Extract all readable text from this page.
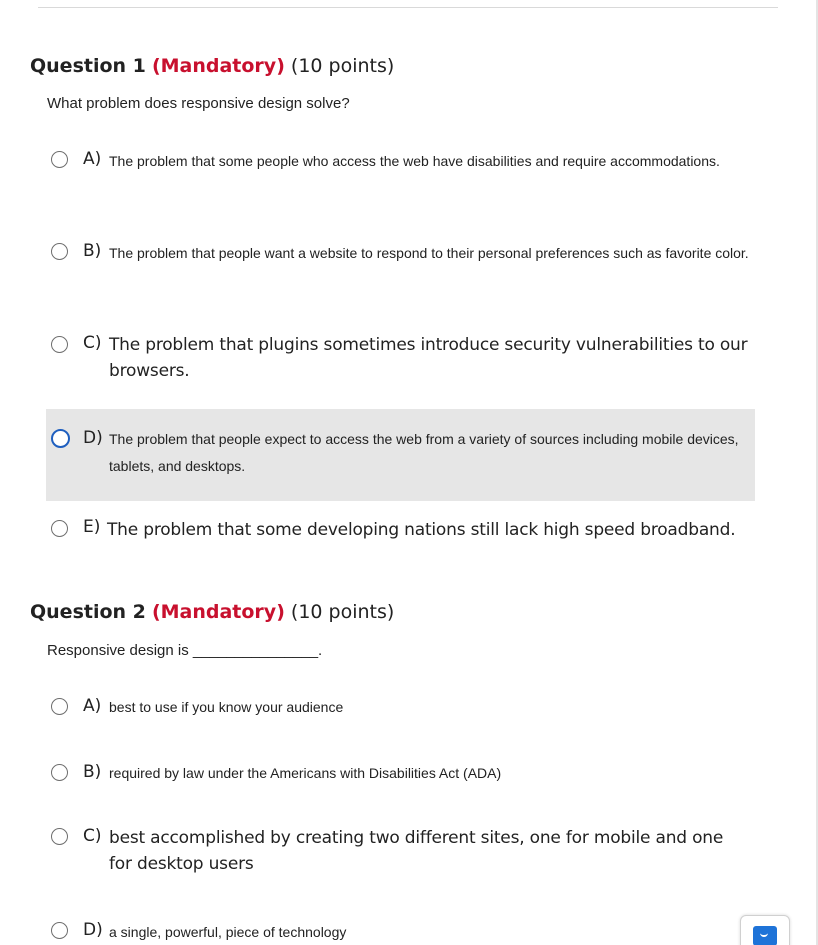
Question 1 (Mandatory) (10 points)
What problem does responsive design solve?
A) The problem that some people who access the web have disabilities and require accommodations.
B) The problem that people want a website to respond to their personal preferences such as favorite color.
C) The problem that plugins sometimes introduce security vulnerabilities to our browsers.
D) The problem that people expect to access the web from a variety of sources including mobile devices, tablets, and desktops.
E) The problem that some developing nations still lack high speed broadband.
Question 2 (Mandatory) (10 points)
Responsive design is _______________.
A) best to use if you know your audience
B) required by law under the Americans with Disabilities Act (ADA)
C) best accomplished by creating two different sites, one for mobile and one for desktop users
D) a single, powerful, piece of technology
